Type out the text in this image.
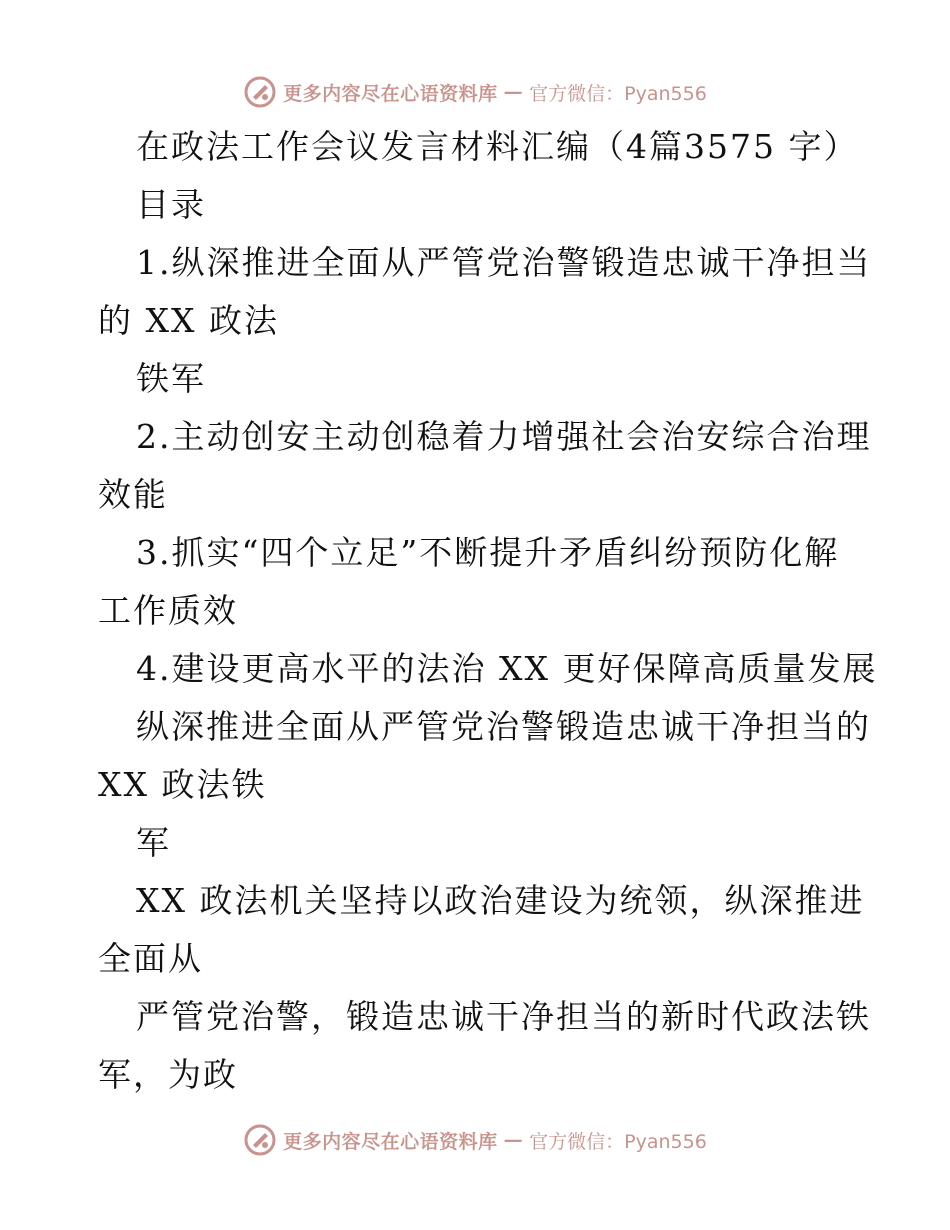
更多内容尽在心语资料库 — 官方微信：Pyan556
在政法工作会议发言材料汇编（4篇3575 字）
目录
1.纵深推进全面从严管党治警锻造忠诚干净担当
的 XX 政法
铁军
2.主动创安主动创稳着力增强社会治安综合治理
效能
3.抓实“四个立足”不断提升矛盾纠纷预防化解
工作质效
4.建设更高水平的法治 XX 更好保障高质量发展
纵深推进全面从严管党治警锻造忠诚干净担当的
XX 政法铁
军
XX 政法机关坚持以政治建设为统领，纵深推进
全面从
严管党治警，锻造忠诚干净担当的新时代政法铁
军，为政
更多内容尽在心语资料库 — 官方微信：Pyan556
